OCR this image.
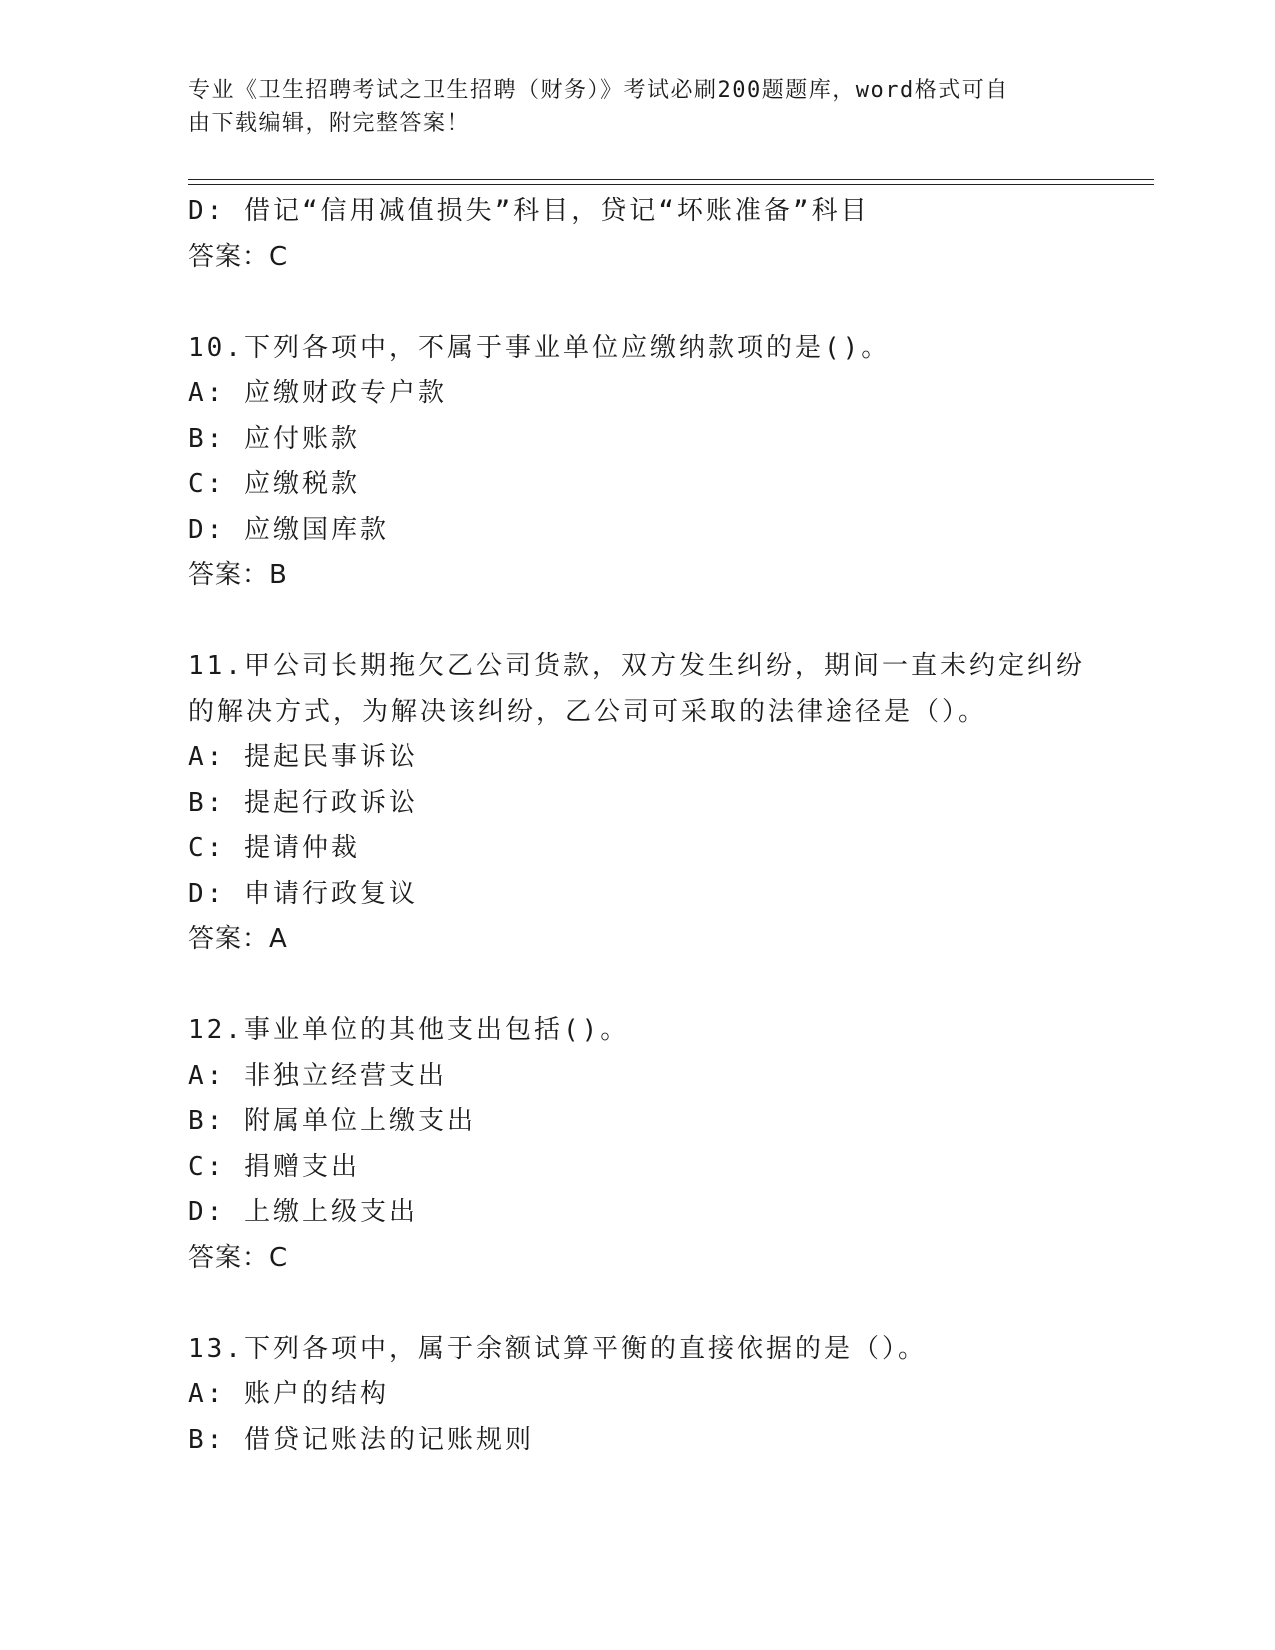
专业《卫生招聘考试之卫生招聘（财务）》考试必刷200题题库，word格式可自
由下载编辑，附完整答案！
D: 借记“信用减值损失”科目，贷记“坏账准备”科目
答案：C
10.下列各项中，不属于事业单位应缴纳款项的是()。
A: 应缴财政专户款
B: 应付账款
C: 应缴税款
D: 应缴国库款
答案：B
11.甲公司长期拖欠乙公司货款，双方发生纠纷，期间一直未约定纠纷
的解决方式，为解决该纠纷，乙公司可采取的法律途径是（）。
A: 提起民事诉讼
B: 提起行政诉讼
C: 提请仲裁
D: 申请行政复议
答案：A
12.事业单位的其他支出包括()。
A: 非独立经营支出
B: 附属单位上缴支出
C: 捐赠支出
D: 上缴上级支出
答案：C
13.下列各项中，属于余额试算平衡的直接依据的是（）。
A: 账户的结构
B: 借贷记账法的记账规则
